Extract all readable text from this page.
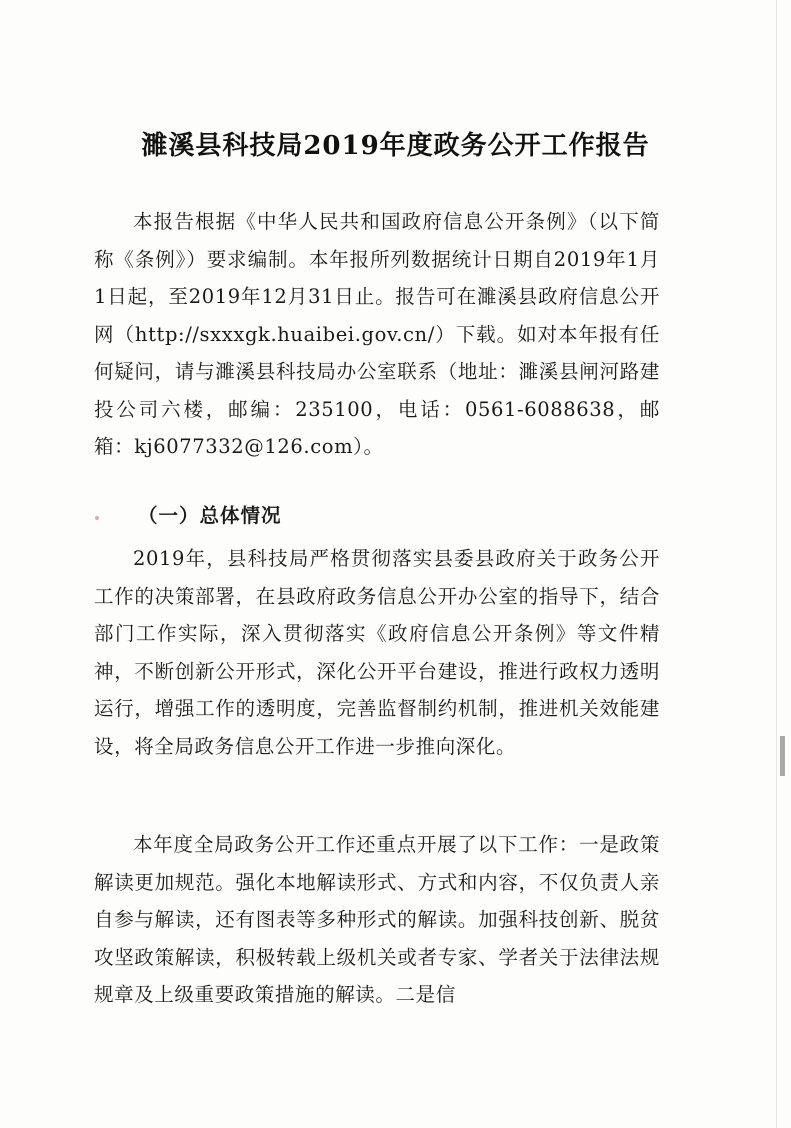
濉溪县科技局2019年度政务公开工作报告

本报告根据《中华人民共和国政府信息公开条例》（以下简称《条例》）要求编制。本年报所列数据统计日期自2019年1月1日起，至2019年12月31日止。报告可在濉溪县政府信息公开网（http://sxxxgk.huaibei.gov.cn/）下载。如对本年报有任何疑问，请与濉溪县科技局办公室联系（地址：濉溪县闸河路建投公司六楼，邮编：235100，电话：0561-6088638，邮箱：kj6077332@126.com）。

（一）总体情况

2019年，县科技局严格贯彻落实县委县政府关于政务公开工作的决策部署，在县政府政务信息公开办公室的指导下，结合部门工作实际，深入贯彻落实《政府信息公开条例》等文件精神，不断创新公开形式，深化公开平台建设，推进行政权力透明运行，增强工作的透明度，完善监督制约机制，推进机关效能建设，将全局政务信息公开工作进一步推向深化。

本年度全局政务公开工作还重点开展了以下工作：一是政策解读更加规范。强化本地解读形式、方式和内容，不仅负责人亲自参与解读，还有图表等多种形式的解读。加强科技创新、脱贫攻坚政策解读，积极转载上级机关或者专家、学者关于法律法规规章及上级重要政策措施的解读。二是信
